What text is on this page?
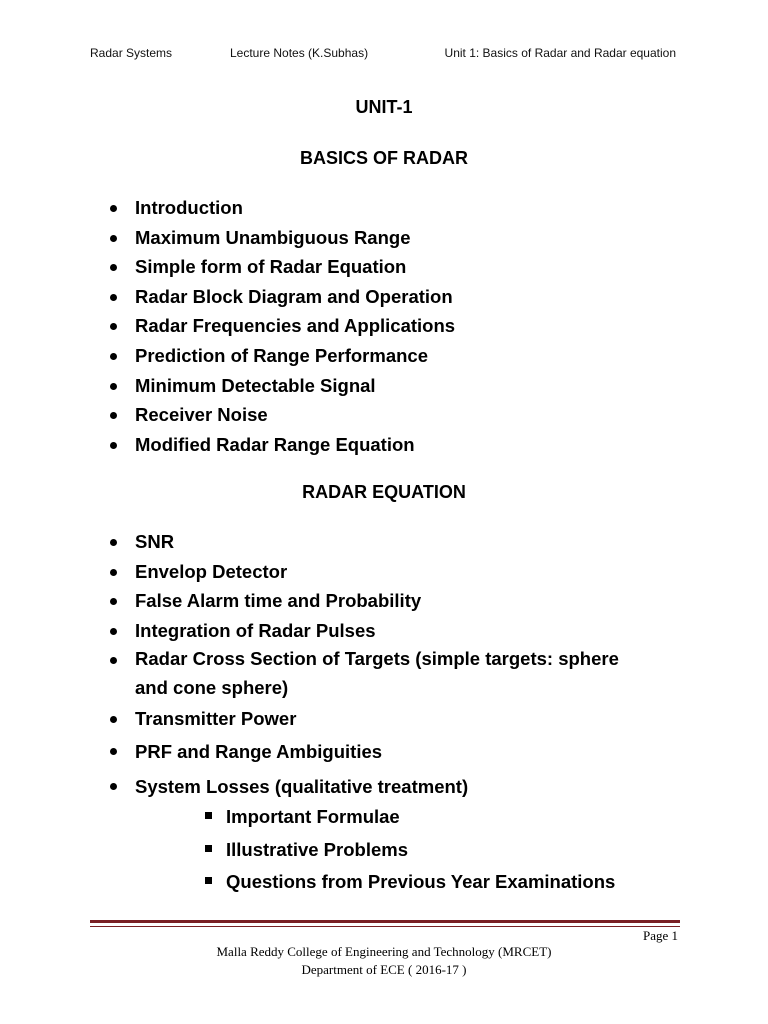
Radar Systems	Lecture Notes (K.Subhas)	Unit 1: Basics of Radar and Radar equation
UNIT-1
BASICS OF RADAR
Introduction
Maximum Unambiguous Range
Simple form of Radar Equation
Radar Block Diagram and Operation
Radar Frequencies and Applications
Prediction of Range Performance
Minimum Detectable Signal
Receiver Noise
Modified Radar Range Equation
RADAR EQUATION
SNR
Envelop Detector
False Alarm time and Probability
Integration of Radar Pulses
Radar Cross Section of Targets (simple targets: sphere and cone sphere)
Transmitter Power
PRF and Range Ambiguities
System Losses (qualitative treatment)
Important Formulae
Illustrative Problems
Questions from Previous Year Examinations
Page 1
Malla Reddy College of Engineering and Technology (MRCET)
Department of ECE ( 2016-17 )
